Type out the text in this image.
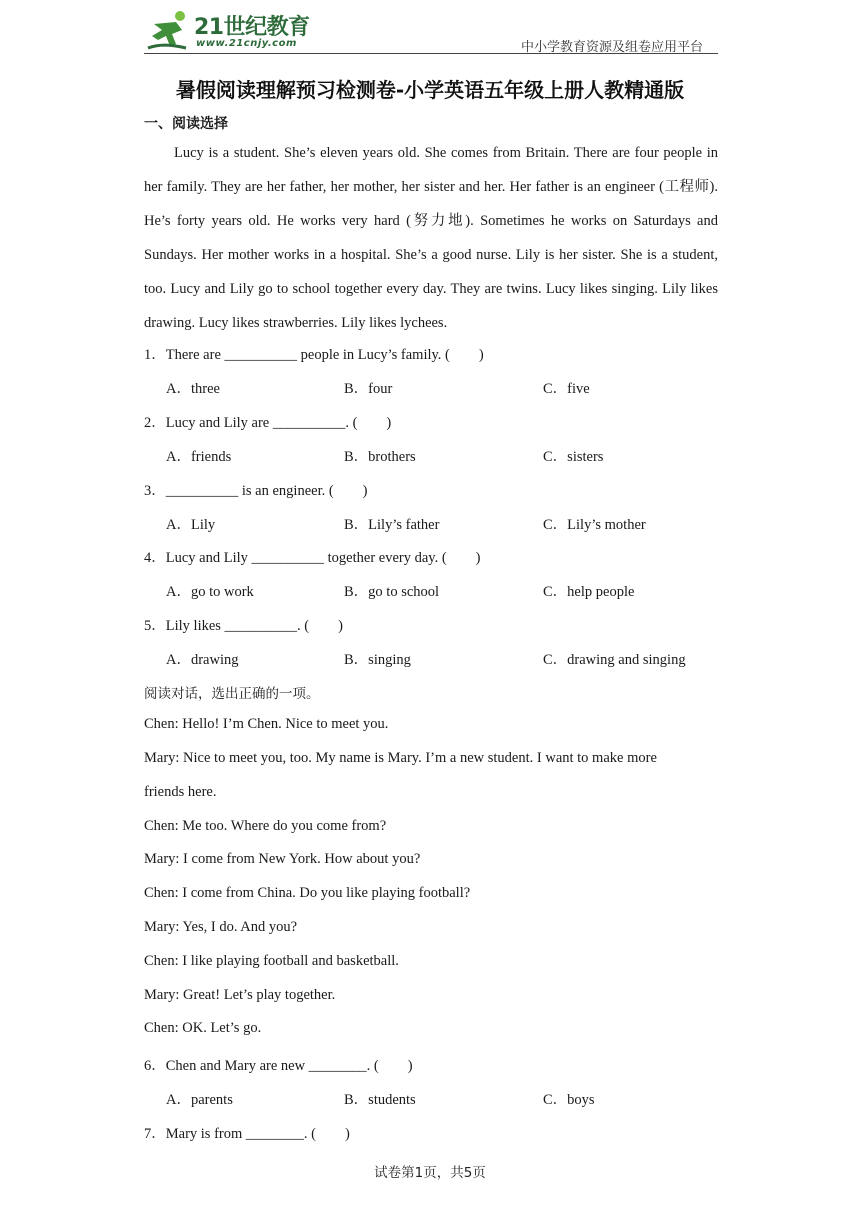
21世纪教育
www.21cnjy.com	中小学教育资源及组卷应用平台
暑假阅读理解预习检测卷-小学英语五年级上册人教精通版
一、阅读选择

Lucy is a student. She’s eleven years old. She comes from Britain. There are four people in her family. They are her father, her mother, her sister and her. Her father is an engineer (工程师). He’s forty years old. He works very hard (努力地). Sometimes he works on Saturdays and Sundays. Her mother works in a hospital. She’s a good nurse. Lily is her sister. She is a student, too. Lucy and Lily go to school together every day. They are twins. Lucy likes singing. Lily likes drawing. Lucy likes strawberries. Lily likes lychees.

1．There are __________ people in Lucy’s family. (　　)
A．three	B．four	C．five
2．Lucy and Lily are __________. (　　)
A．friends	B．brothers	C．sisters
3．__________ is an engineer. (　　)
A．Lily	B．Lily’s father	C．Lily’s mother
4．Lucy and Lily __________ together every day. (　　)
A．go to work	B．go to school	C．help people
5．Lily likes __________. (　　)
A．drawing	B．singing	C．drawing and singing
阅读对话，选出正确的一项。
Chen: Hello! I’m Chen. Nice to meet you.
Mary: Nice to meet you, too. My name is Mary. I’m a new student. I want to make more
friends here.
Chen: Me too. Where do you come from?
Mary: I come from New York. How about you?
Chen: I come from China. Do you like playing football?
Mary: Yes, I do. And you?
Chen: I like playing football and basketball.
Mary: Great! Let’s play together.
Chen: OK. Let’s go.
6．Chen and Mary are new ________. (　　)
A．parents	B．students	C．boys
7．Mary is from ________. (　　)
试卷第1页，共5页
